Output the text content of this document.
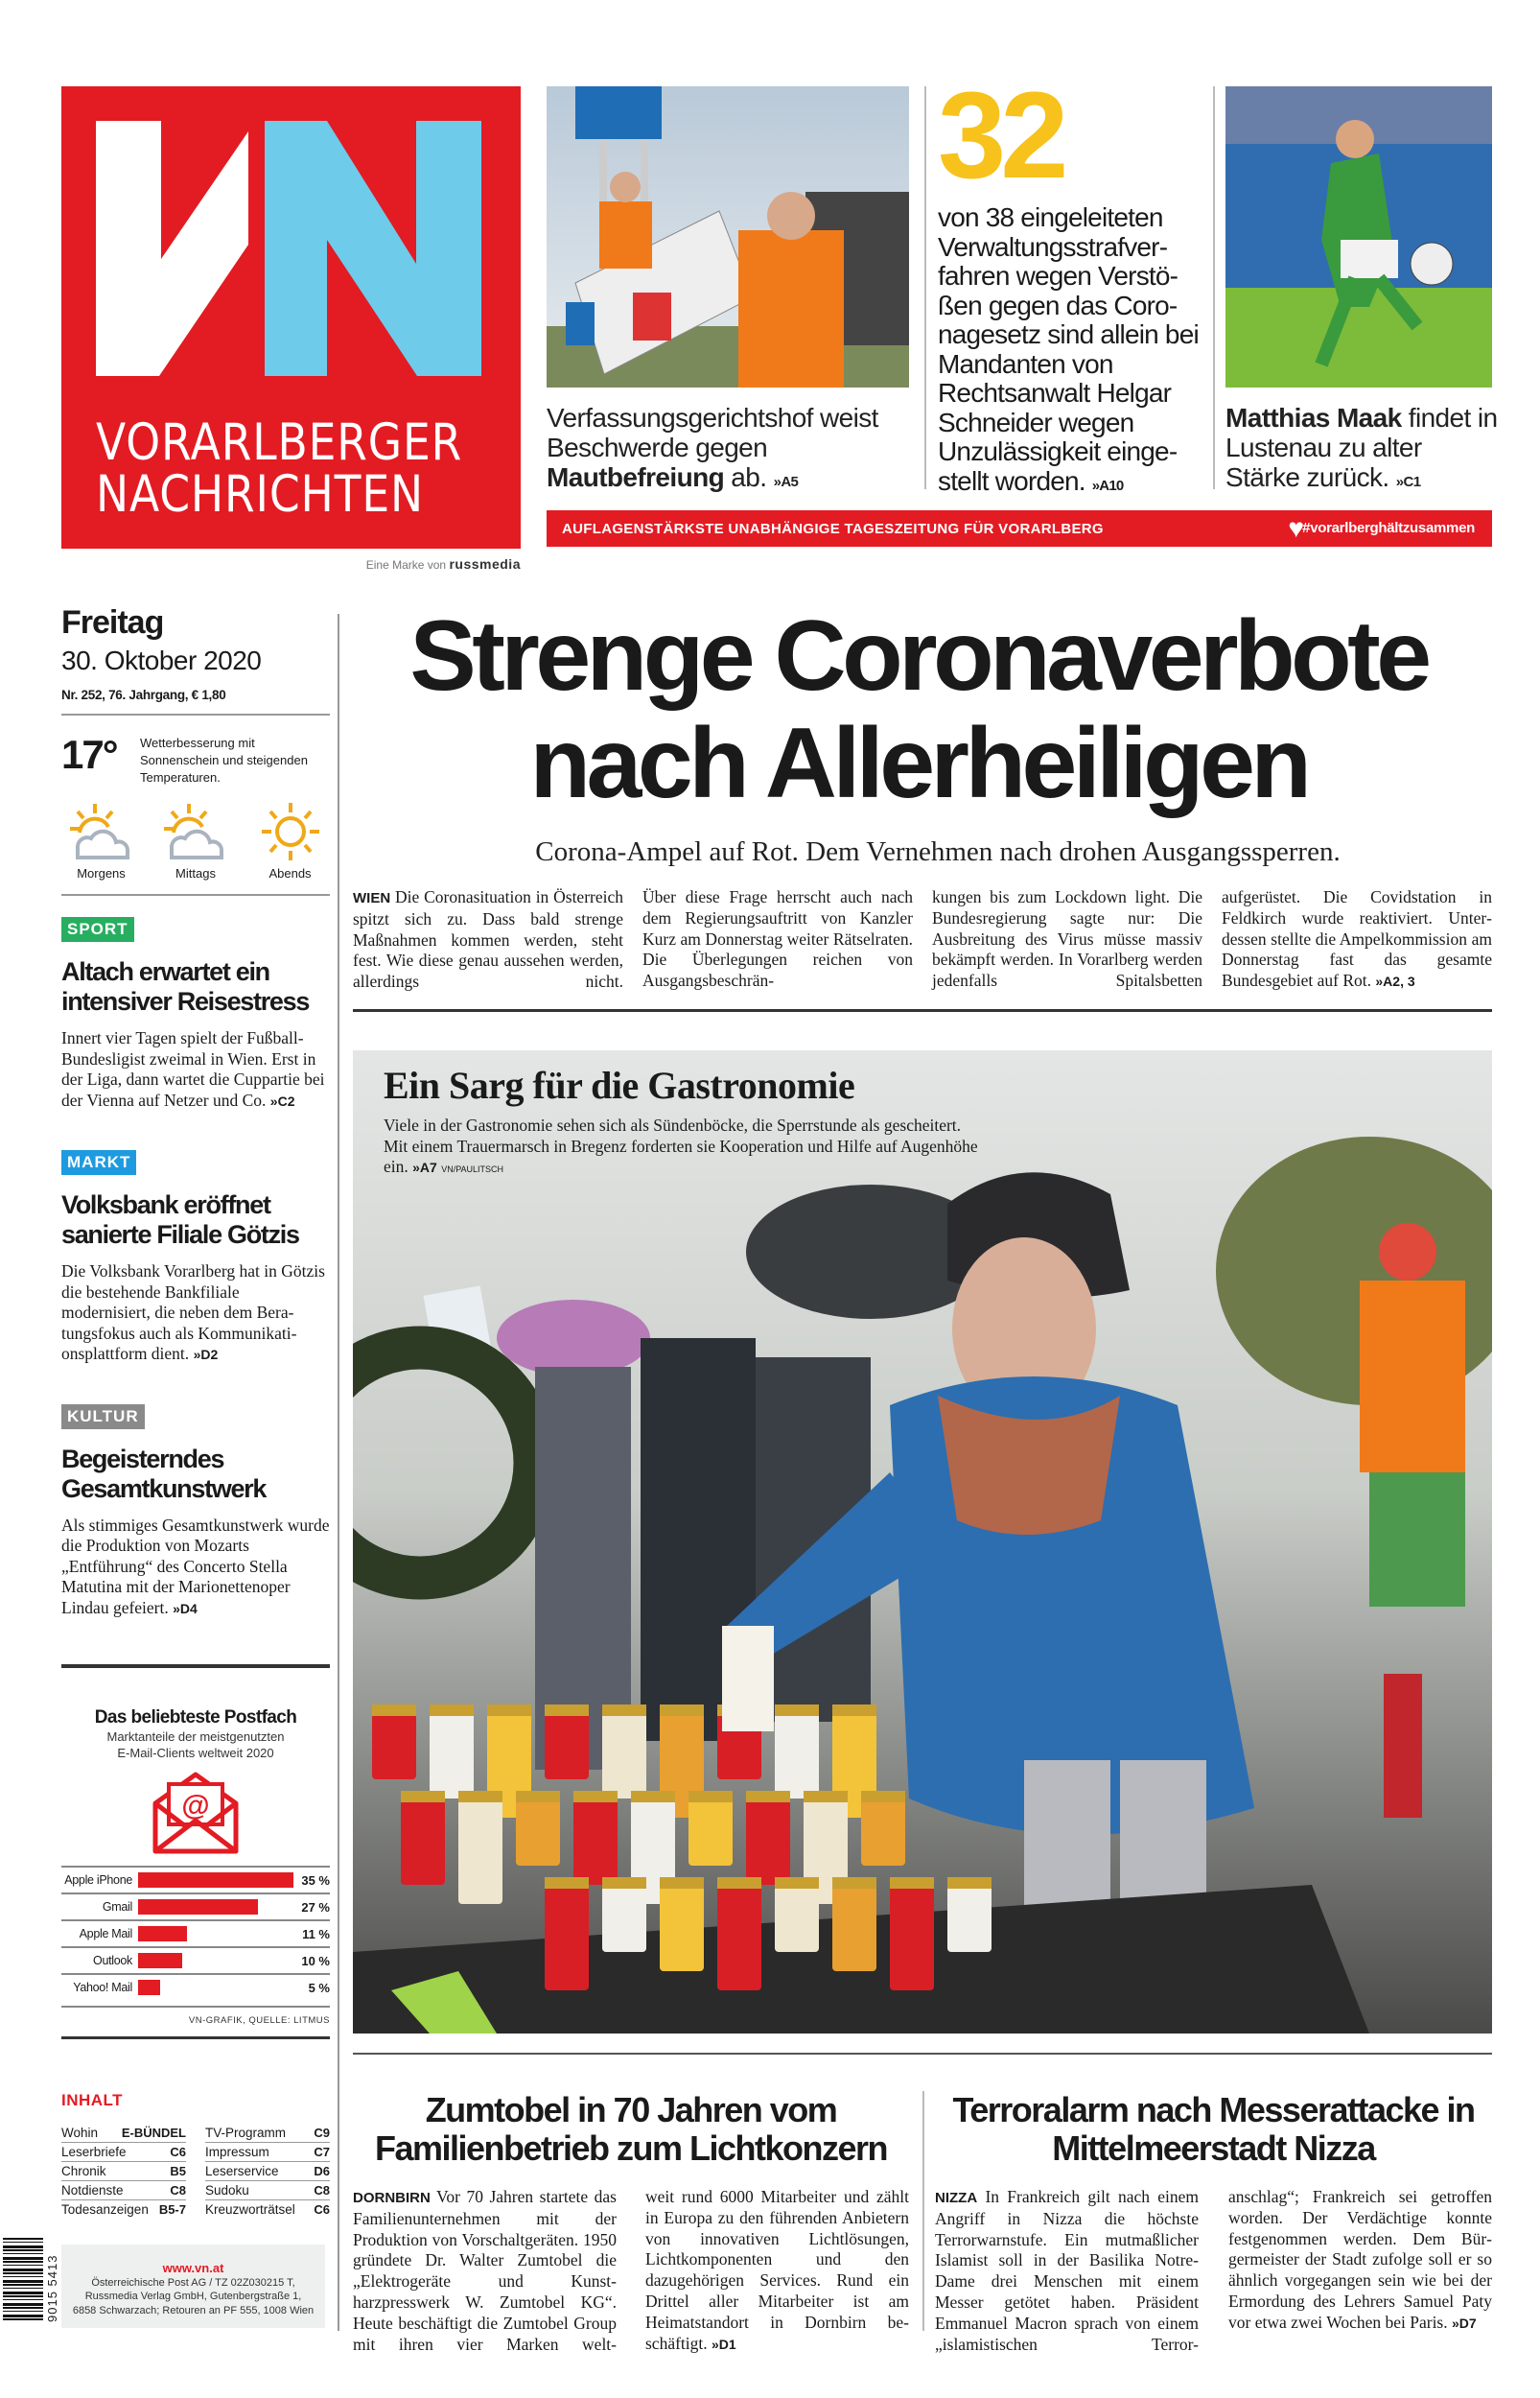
VORARLBERGER
NACHRICHTEN
Eine Marke von russmedia
Verfassungsgerichtshof weist Beschwerde gegen Mautbefreiung ab. »A5
32
von 38 eingeleiteten Verwaltungsstrafverfahren wegen Verstößen gegen das Coronagesetz sind allein bei Mandanten von Rechtsanwalt Helgar Schneider wegen Unzulässigkeit eingestellt worden. »A10
Matthias Maak findet in Lustenau zu alter Stärke zurück. »C1
AUFLAGENSTÄRKSTE UNABHÄNGIGE TAGESZEITUNG FÜR VORARLBERG	♥
#vorarlberghältzusammen
Freitag
30. Oktober 2020
Nr. 252, 76. Jahrgang, € 1,80
17°	Wetterbesserung mit Sonnenschein und steigenden Temperaturen.
Morgens	Mittags	Abends
SPORT
Altach erwartet ein intensiver Reisestress
Innert vier Tagen spielt der Fußball-Bundesligist zweimal in Wien. Erst in der Liga, dann wartet die Cuppartie bei der Vienna auf Netzer und Co. »C2
MARKT
Volksbank eröffnet sanierte Filiale Götzis
Die Volksbank Vorarlberg hat in Götzis die bestehende Bankfiliale modernisiert, die neben dem Beratungsfokus auch als Kommunikationsplattform dient. »D2
KULTUR
Begeisterndes Gesamtkunstwerk
Als stimmiges Gesamtkunstwerk wurde die Produktion von Mozarts „Entführung“ des Concerto Stella Matutina mit der Marionettenoper Lindau gefeiert. »D4
Das beliebteste Postfach
Marktanteile der meistgenutzten E-Mail-Clients weltweit 2020
@
Apple iPhone	35 %
Gmail	27 %
Apple Mail	11 %
Outlook	10 %
Yahoo! Mail	5 %
VN-GRAFIK, QUELLE: LITMUS
INHALT
Wohin E-BÜNDEL TV-Programm C9
Leserbriefe	C6 Impressum	C7
Chronik	B5 Leserservice	D6
Notdienste	C8 Sudoku	C8
Todesanzeigen B5-7 Kreuzworträtsel C6
9015 5413	www.vn.at
Österreichische Post AG / TZ 02Z030215 T,
Russmedia Verlag GmbH, Gutenbergstraße 1,
6858 Schwarzach; Retouren an PF 555, 1008 Wien
Strenge Coronaverbote
nach Allerheiligen
Corona-Ampel auf Rot. Dem Vernehmen nach drohen Ausgangssperren.
WIEN Die Coronasituation in Österreich spitzt sich zu. Dass bald strenge Maßnahmen kommen werden, steht fest. Wie diese genau aussehen werden, allerdings nicht.
Über diese Frage herrscht auch nach dem Regierungsauftritt von Kanzler Kurz am Donnerstag weiter Rätselraten. Die Überlegungen reichen von Ausgangsbeschrän-
kungen bis zum Lockdown light. Die Bundesregierung sagte nur: Die Ausbreitung des Virus müsse massiv bekämpft werden. In Vorarlberg werden jedenfalls Spitalsbetten
aufgerüstet. Die Covidstation in Feldkirch wurde reaktiviert. Unterdessen stellte die Ampelkommission am Donnerstag fast das gesamte Bundesgebiet auf Rot. »A2, 3
Ein Sarg für die Gastronomie
Viele in der Gastronomie sehen sich als Sündenböcke, die Sperrstunde als gescheitert. Mit einem Trauermarsch in Bregenz forderten sie Kooperation und Hilfe auf Augenhöhe ein. »A7 VN/PAULITSCH
Zumtobel in 70 Jahren vom Familienbetrieb zum Lichtkonzern
DORNBIRN Vor 70 Jahren startete das Familienunternehmen mit der Produktion von Vorschaltgeräten. 1950 gründete Dr. Walter Zumtobel die „Elektrogeräte und Kunstharzpresswerk W. Zumtobel KG“. Heute beschäftigt die Zumtobel Group mit ihren vier Marken welt-
weit rund 6000 Mitarbeiter und zählt in Europa zu den führenden Anbietern von innovativen Lichtlösungen, Lichtkomponenten und den dazugehörigen Services. Rund ein Drittel aller Mitarbeiter ist am Heimatstandort in Dornbirn beschäftigt. »D1
Terroralarm nach Messerattacke in Mittelmeerstadt Nizza
NIZZA In Frankreich gilt nach einem Angriff in Nizza die höchste Terrorwarnstufe. Ein mutmaßlicher Islamist soll in der Basilika Notre-Dame drei Menschen mit einem Messer getötet haben. Präsident Emmanuel Macron sprach von einem „islamistischen Terror-
anschlag“; Frankreich sei getroffen worden. Der Verdächtige konnte festgenommen werden. Dem Bürgermeister der Stadt zufolge soll er so ähnlich vorgegangen sein wie bei der Ermordung des Lehrers Samuel Paty vor etwa zwei Wochen bei Paris. »D7
